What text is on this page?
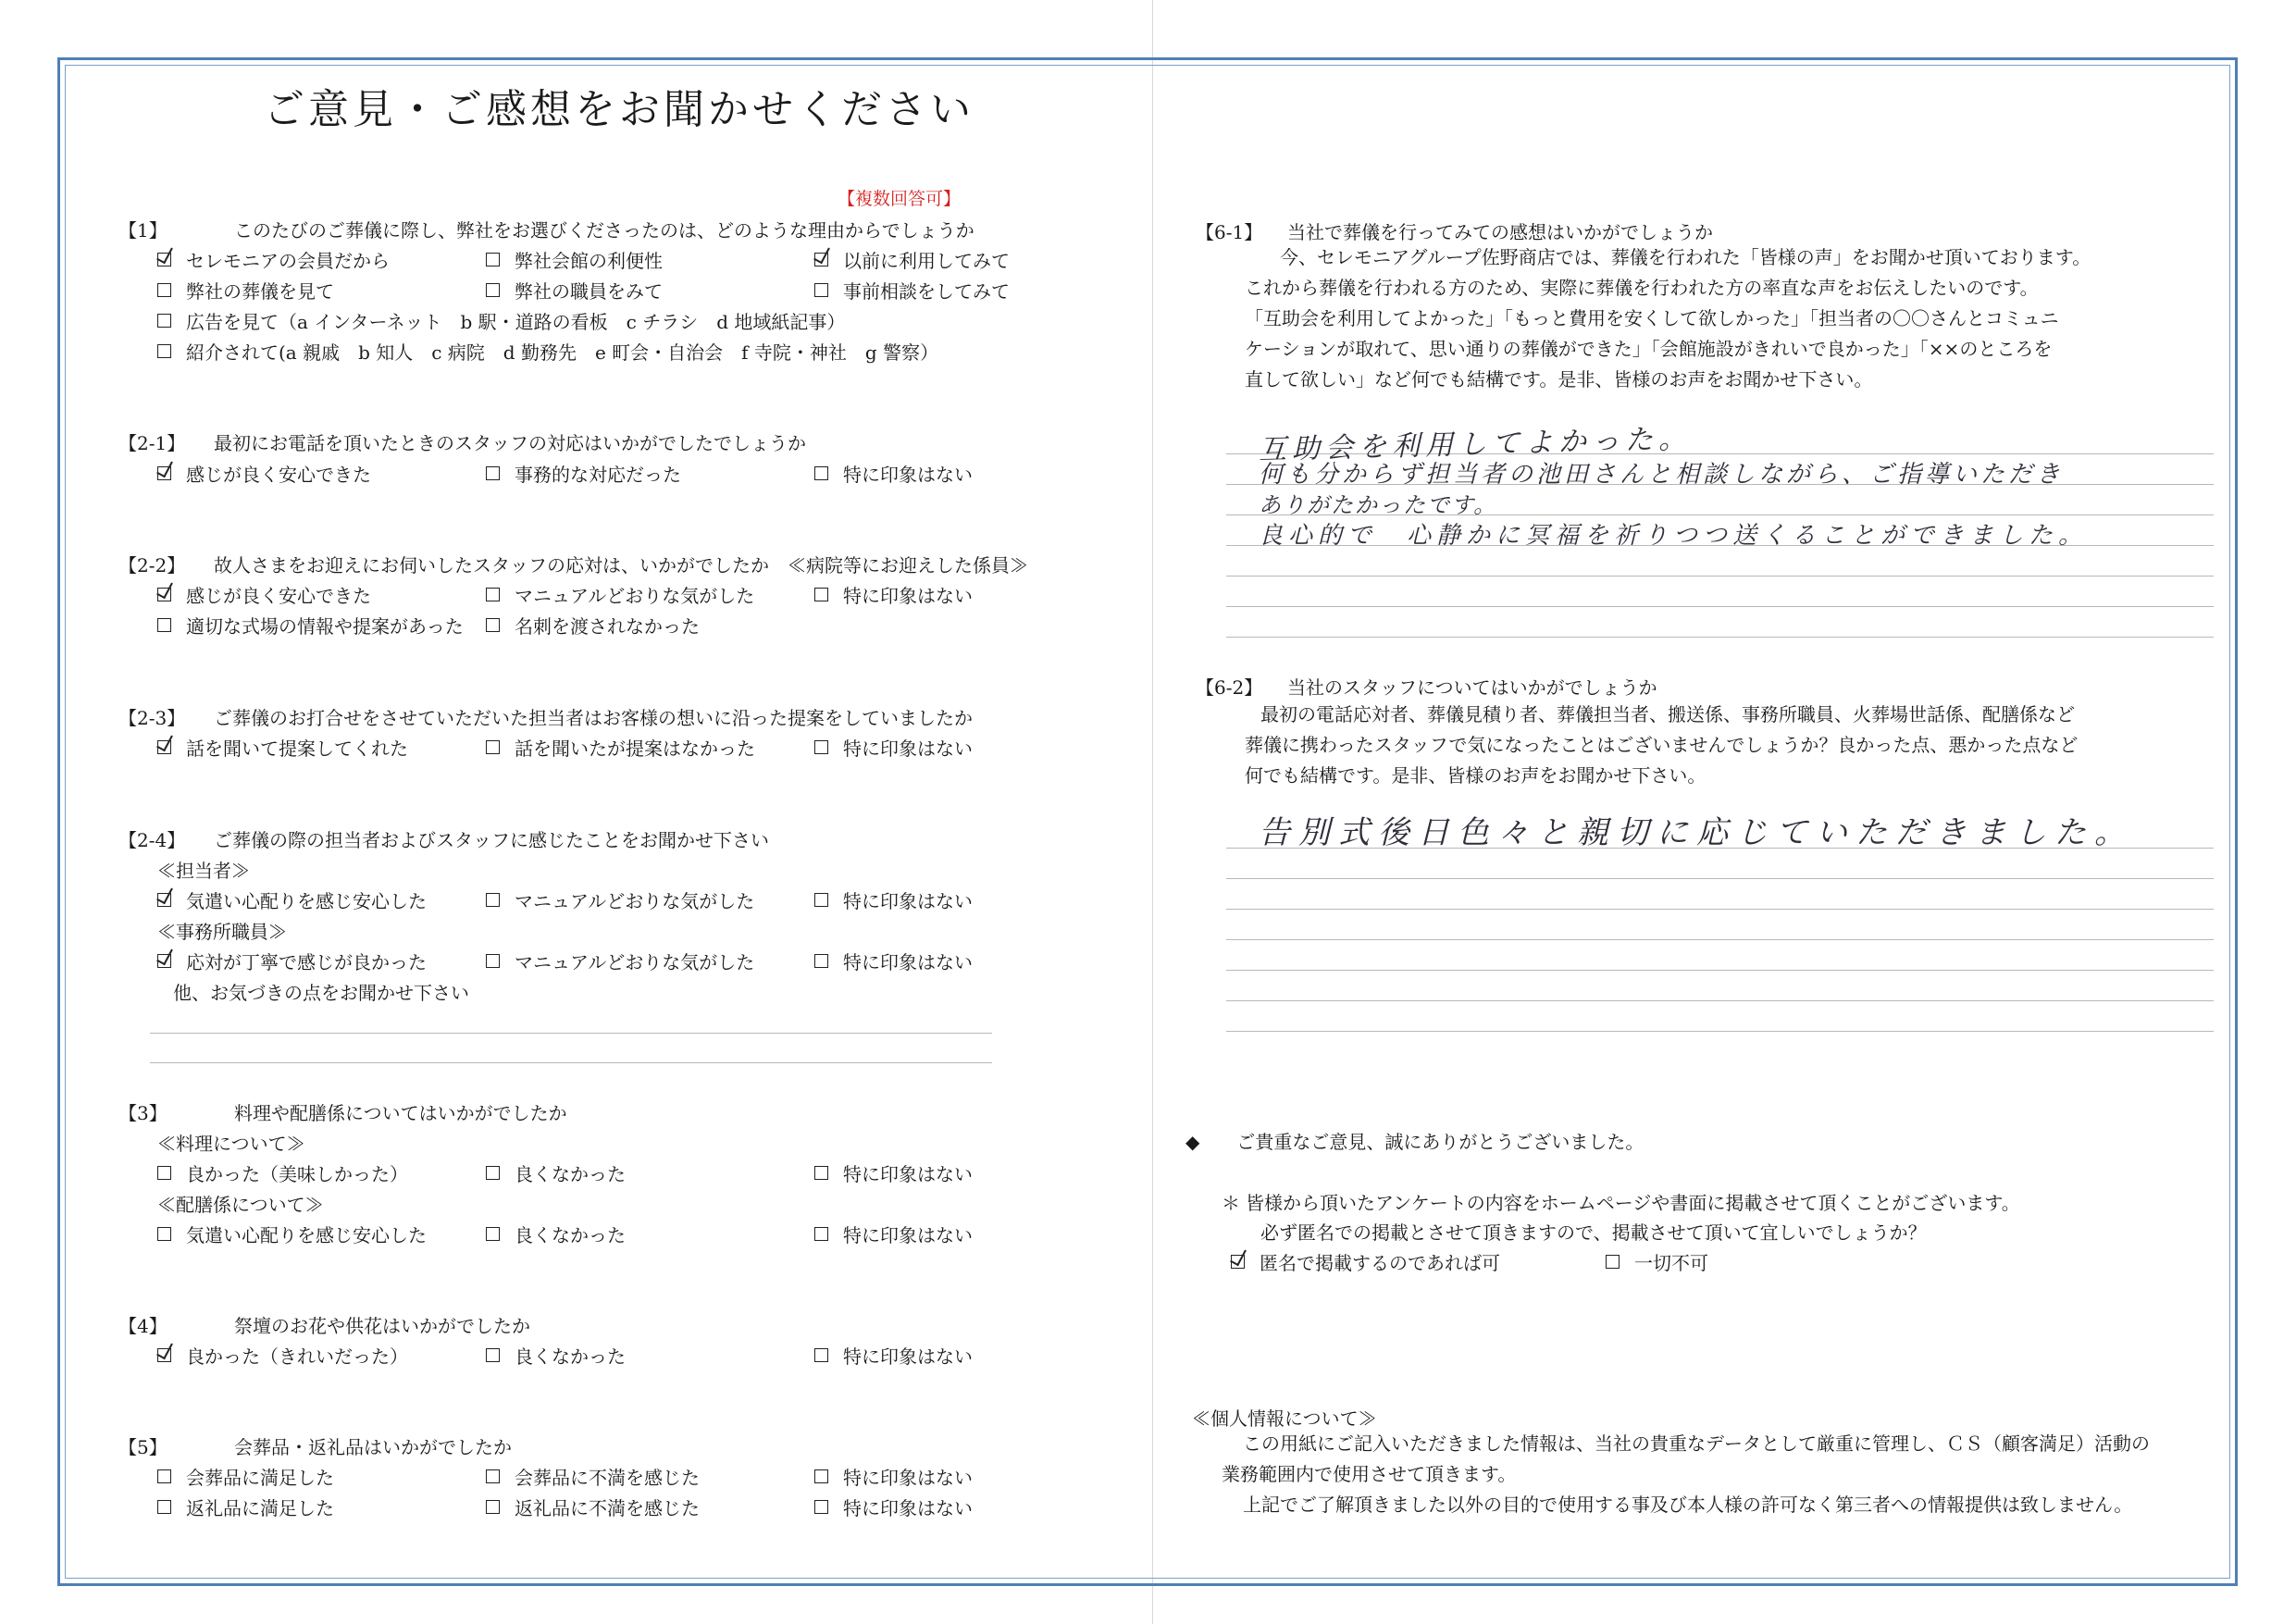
ご意見・ご感想をお聞かせください
【複数回答可】
【1】	このたびのご葬儀に際し、弊社をお選びくださったのは、どのような理由からでしょうか
セレモニアの会員だから	弊社会館の利便性	以前に利用してみて
弊社の葬儀を見て	弊社の職員をみて	事前相談をしてみて
広告を見て（a インターネット　b 駅・道路の看板　c チラシ　d 地域紙記事）
紹介されて(a 親戚　b 知人　c 病院　d 勤務先　e 町会・自治会　f 寺院・神社　g 警察）
【2-1】 最初にお電話を頂いたときのスタッフの対応はいかがでしたでしょうか
感じが良く安心できた	事務的な対応だった	特に印象はない
【2-2】 故人さまをお迎えにお伺いしたスタッフの応対は、いかがでしたか　≪病院等にお迎えした係員≫
感じが良く安心できた	マニュアルどおりな気がした	特に印象はない
適切な式場の情報や提案があった	名刺を渡されなかった
【2-3】 ご葬儀のお打合せをさせていただいた担当者はお客様の想いに沿った提案をしていましたか
話を聞いて提案してくれた	話を聞いたが提案はなかった	特に印象はない
【2-4】 ご葬儀の際の担当者およびスタッフに感じたことをお聞かせ下さい
≪担当者≫
気遣い心配りを感じ安心した	マニュアルどおりな気がした	特に印象はない
≪事務所職員≫
応対が丁寧で感じが良かった	マニュアルどおりな気がした	特に印象はない
他、お気づきの点をお聞かせ下さい
【3】	料理や配膳係についてはいかがでしたか
≪料理について≫
良かった（美味しかった）	良くなかった	特に印象はない
≪配膳係について≫
気遣い心配りを感じ安心した	良くなかった	特に印象はない
【4】	祭壇のお花や供花はいかがでしたか
良かった（きれいだった）	良くなかった	特に印象はない
【5】	会葬品・返礼品はいかがでしたか
会葬品に満足した	会葬品に不満を感じた	特に印象はない
返礼品に満足した	返礼品に不満を感じた	特に印象はない
【6-1】 当社で葬儀を行ってみての感想はいかがでしょうか
今、セレモニアグループ佐野商店では、葬儀を行われた「皆様の声」をお聞かせ頂いております。
これから葬儀を行われる方のため、実際に葬儀を行われた方の率直な声をお伝えしたいのです。
「互助会を利用してよかった」「もっと費用を安くして欲しかった」「担当者の〇〇さんとコミュニ
ケーションが取れて、思い通りの葬儀ができた」「会館施設がきれいで良かった」「××のところを
直して欲しい」など何でも結構です。是非、皆様のお声をお聞かせ下さい。
互助会を利用してよかった。
何も分からず担当者の池田さんと相談しながら、ご指導いただき
ありがたかったです。
良心的で　心静かに冥福を祈りつつ送くることができました。
【6-2】 当社のスタッフについてはいかがでしょうか
最初の電話応対者、葬儀見積り者、葬儀担当者、搬送係、事務所職員、火葬場世話係、配膳係など
葬儀に携わったスタッフで気になったことはございませんでしょうか？良かった点、悪かった点など
何でも結構です。是非、皆様のお声をお聞かせ下さい。
告別式後日色々と親切に応じていただきました。
◆ ご貴重なご意見、誠にありがとうございました。
＊ 皆様から頂いたアンケートの内容をホームページや書面に掲載させて頂くことがございます。
必ず匿名での掲載とさせて頂きますので、掲載させて頂いて宜しいでしょうか？
匿名で掲載するのであれば可	一切不可
≪個人情報について≫
この用紙にご記入いただきました情報は、当社の貴重なデータとして厳重に管理し、ＣＳ（顧客満足）活動の
業務範囲内で使用させて頂きます。
上記でご了解頂きました以外の目的で使用する事及び本人様の許可なく第三者への情報提供は致しません。
